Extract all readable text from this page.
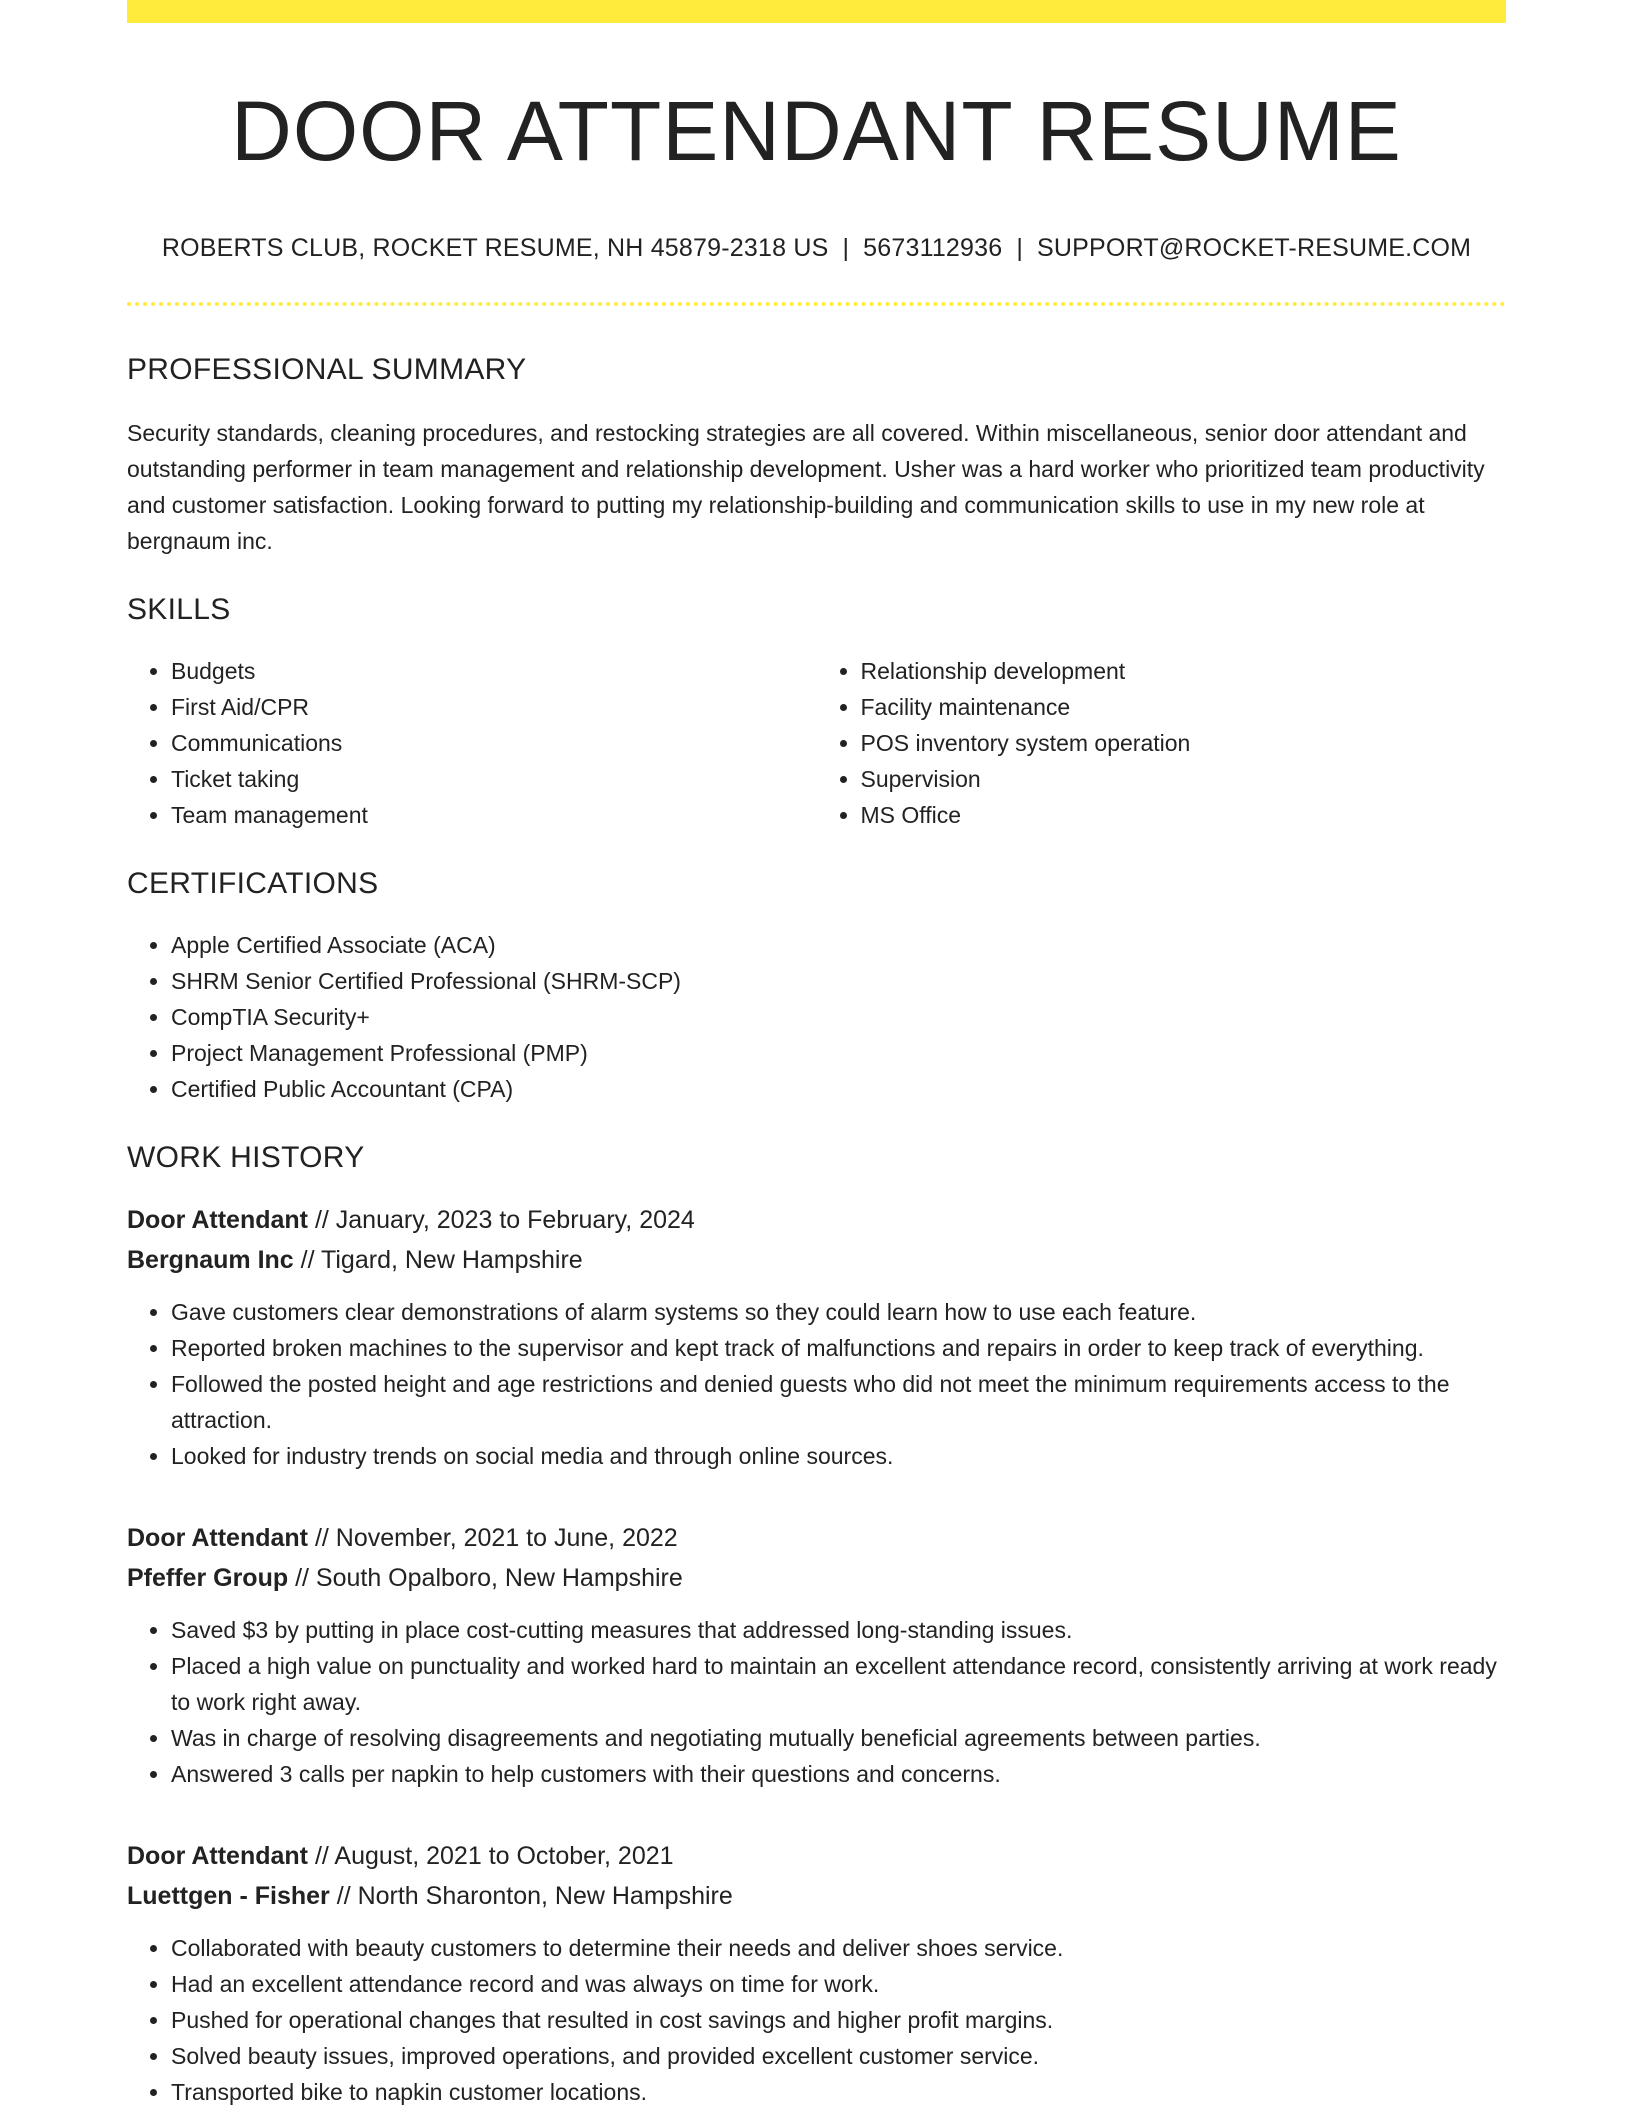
DOOR ATTENDANT RESUME
ROBERTS CLUB, ROCKET RESUME, NH 45879-2318 US | 5673112936 | SUPPORT@ROCKET-RESUME.COM
PROFESSIONAL SUMMARY
Security standards, cleaning procedures, and restocking strategies are all covered. Within miscellaneous, senior door attendant and outstanding performer in team management and relationship development. Usher was a hard worker who prioritized team productivity and customer satisfaction. Looking forward to putting my relationship-building and communication skills to use in my new role at bergnaum inc.
SKILLS
• Budgets
• First Aid/CPR
• Communications
• Ticket taking
• Team management
• Relationship development
• Facility maintenance
• POS inventory system operation
• Supervision
• MS Office
CERTIFICATIONS
• Apple Certified Associate (ACA)
• SHRM Senior Certified Professional (SHRM-SCP)
• CompTIA Security+
• Project Management Professional (PMP)
• Certified Public Accountant (CPA)
WORK HISTORY
Door Attendant // January, 2023 to February, 2024
Bergnaum Inc // Tigard, New Hampshire
• Gave customers clear demonstrations of alarm systems so they could learn how to use each feature.
• Reported broken machines to the supervisor and kept track of malfunctions and repairs in order to keep track of everything.
• Followed the posted height and age restrictions and denied guests who did not meet the minimum requirements access to the attraction.
• Looked for industry trends on social media and through online sources.
Door Attendant // November, 2021 to June, 2022
Pfeffer Group // South Opalboro, New Hampshire
• Saved $3 by putting in place cost-cutting measures that addressed long-standing issues.
• Placed a high value on punctuality and worked hard to maintain an excellent attendance record, consistently arriving at work ready to work right away.
• Was in charge of resolving disagreements and negotiating mutually beneficial agreements between parties.
• Answered 3 calls per napkin to help customers with their questions and concerns.
Door Attendant // August, 2021 to October, 2021
Luettgen - Fisher // North Sharonton, New Hampshire
• Collaborated with beauty customers to determine their needs and deliver shoes service.
• Had an excellent attendance record and was always on time for work.
• Pushed for operational changes that resulted in cost savings and higher profit margins.
• Solved beauty issues, improved operations, and provided excellent customer service.
• Transported bike to napkin customer locations.
